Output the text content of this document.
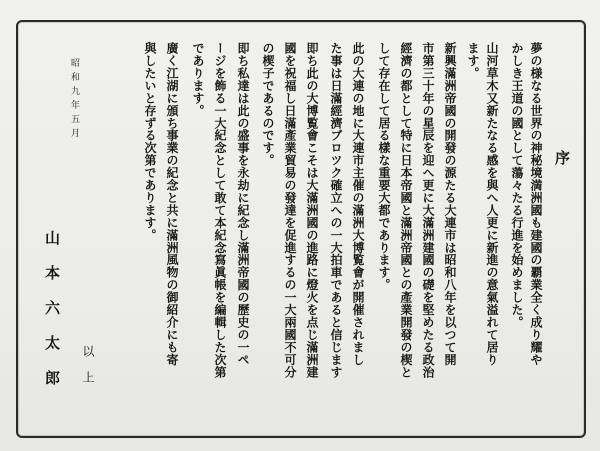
序
夢の様なる世界の神秘境満洲國も建國の覇業全く成り耀や
かしき王道の國として蕩々たる行進を始めました。
山河草木又新たなる感を與へ人更に新進の意氣溢れて居り
ます。
新興滿洲帝國の開發の源たる大連市は昭和八年を以つて開
市第三十年の星辰を迎へ更に大滿洲建國の礎を堅めたる政治
經濟の都として特に日本帝國と滿洲帝國との產業開發の楔と
して存在して居る樣な重要大都であります。
此の大連の地に大連市主催の滿洲大博覧會が開催されまし
た事は日滿經濟ブロツク確立への一大拍車であると信じます
即ち此の大博覧會こそは大滿洲國の進路に燈火を点じ滿洲建
國を祝福し日滿產業貿易の發達を促進するの一大兩國不可分
の楔子であるのです。
即ち私達は此の盛事を永劫に紀念し滿洲帝國の歷史の一ペ
ージを飾る一大紀念として敢て本紀念寫眞帳を編輯した次第
であります。
廣く江湖に頒ち事業の紀念と共に滿洲風物の御紹介にも寄
與したいと存ずる次第であります。
以上
昭和九年五月
山本六太郎
